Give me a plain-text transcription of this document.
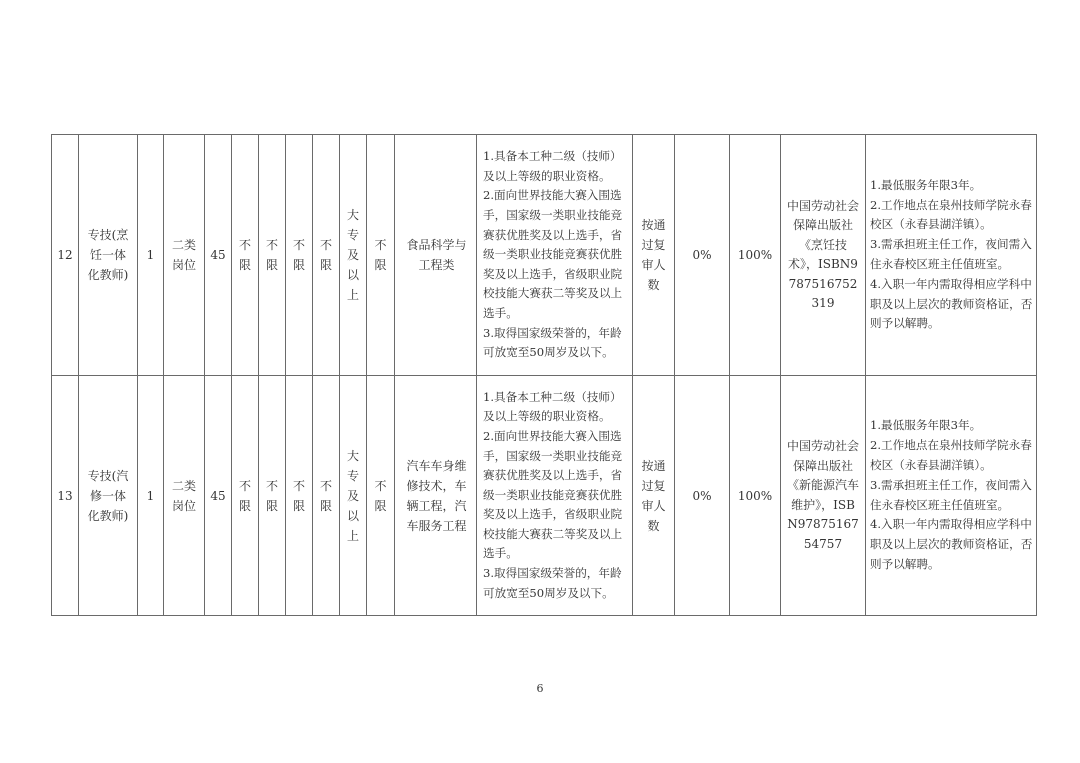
12	专技(烹饪一体化教师)	1	二类岗位	45	不限	不限	不限	不限	大专及以上	不限	食品科学与工程类	1.具备本工种二级（技师）及以上等级的职业资格。
2.面向世界技能大赛入围选手，国家级一类职业技能竞赛获优胜奖及以上选手，省级一类职业技能竞赛获优胜奖及以上选手，省级职业院校技能大赛获二等奖及以上选手。
3.取得国家级荣誉的，年龄可放宽至50周岁及以下。	按通过复审人数	0%	100%	中国劳动社会保障出版社《烹饪技术》，ISBN9787516752319	1.最低服务年限3年。
2.工作地点在泉州技师学院永春校区（永春县湖洋镇）。
3.需承担班主任工作，夜间需入住永春校区班主任值班室。
4.入职一年内需取得相应学科中职及以上层次的教师资格证，否则予以解聘。

13	专技(汽修一体化教师)	1	二类岗位	45	不限	不限	不限	不限	大专及以上	不限	汽车车身维修技术，车辆工程，汽车服务工程	1.具备本工种二级（技师）及以上等级的职业资格。
2.面向世界技能大赛入围选手，国家级一类职业技能竞赛获优胜奖及以上选手，省级一类职业技能竞赛获优胜奖及以上选手，省级职业院校技能大赛获二等奖及以上选手。
3.取得国家级荣誉的，年龄可放宽至50周岁及以下。	按通过复审人数	0%	100%	中国劳动社会保障出版社《新能源汽车维护》，ISBN9787516754757	1.最低服务年限3年。
2.工作地点在泉州技师学院永春校区（永春县湖洋镇）。
3.需承担班主任工作，夜间需入住永春校区班主任值班室。
4.入职一年内需取得相应学科中职及以上层次的教师资格证，否则予以解聘。
6
